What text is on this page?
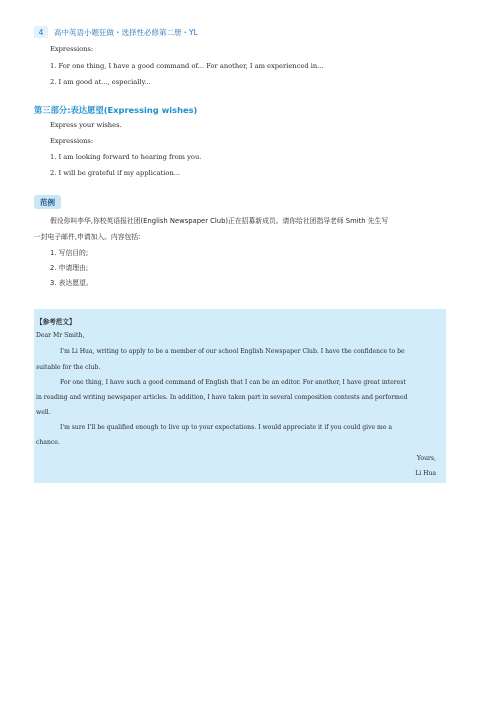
4	高中英语小题狂做・选择性必修第二册・YL
Expressions:
1. For one thing, I have a good command of... For another, I am experienced in...
2. I am good at..., especially...
第三部分:表达愿望(Expressing wishes)
Express your wishes.
Expressions:
1. I am looking forward to hearing from you.
2. I will be grateful if my application...
范例
假设你叫李华,你校英语报社团(English Newspaper Club)正在招募新成员。请你给社团指导老师 Smith 先生写
一封电子邮件,申请加入。内容包括:
1. 写信目的;
2. 申请理由;
3. 表达愿望。
【参考范文】
Dear Mr Smith,
I'm Li Hua, writing to apply to be a member of our school English Newspaper Club. I have the confidence to be
suitable for the club.
For one thing, I have such a good command of English that I can be an editor. For another, I have great interest
in reading and writing newspaper articles. In addition, I have taken part in several composition contests and performed
well.
I'm sure I'll be qualified enough to live up to your expectations. I would appreciate it if you could give me a
chance.
Yours,
Li Hua
